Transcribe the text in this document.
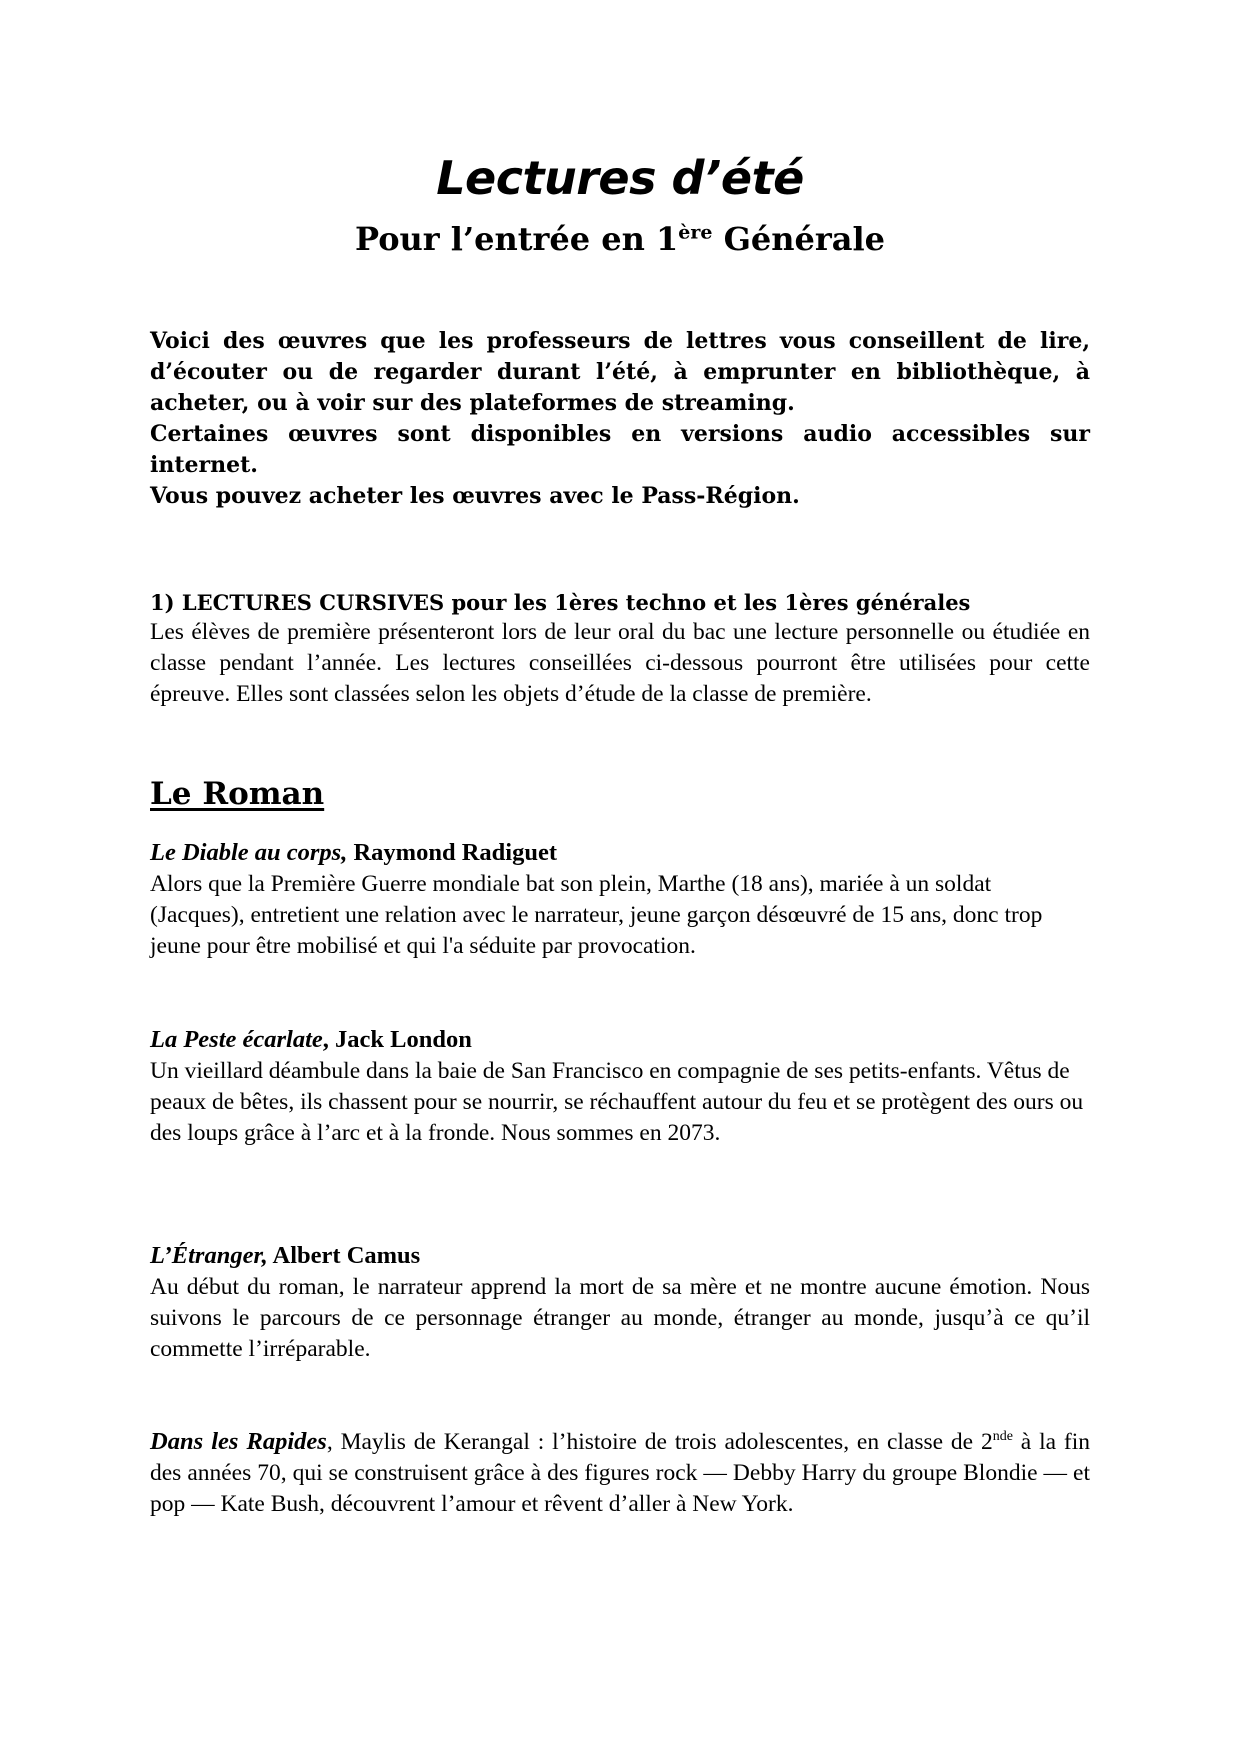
Lectures d’été
Pour l’entrée en 1ère Générale

Voici des œuvres que les professeurs de lettres vous conseillent de lire, d’écouter ou de regarder durant l’été, à emprunter en bibliothèque, à acheter, ou à voir sur des plateformes de streaming.

Certaines œuvres sont disponibles en versions audio accessibles sur internet.

Vous pouvez acheter les œuvres avec le Pass-Région.

1) LECTURES CURSIVES pour les 1ères techno et les 1ères générales

Les élèves de première présenteront lors de leur oral du bac une lecture personnelle ou étudiée en classe pendant l’année. Les lectures conseillées ci-dessous pourront être utilisées pour cette épreuve. Elles sont classées selon les objets d’étude de la classe de première.

Le Roman

Le Diable au corps, Raymond Radiguet

Alors que la Première Guerre mondiale bat son plein, Marthe (18 ans), mariée à un soldat (Jacques), entretient une relation avec le narrateur, jeune garçon désœuvré de 15 ans, donc trop jeune pour être mobilisé et qui l'a séduite par provocation.

La Peste écarlate, Jack London

Un vieillard déambule dans la baie de San Francisco en compagnie de ses petits-enfants. Vêtus de peaux de bêtes, ils chassent pour se nourrir, se réchauffent autour du feu et se protègent des ours ou des loups grâce à l’arc et à la fronde. Nous sommes en 2073.

L’Étranger, Albert Camus

Au début du roman, le narrateur apprend la mort de sa mère et ne montre aucune émotion. Nous suivons le parcours de ce personnage étranger au monde, étranger au monde, jusqu’à ce qu’il commette l’irréparable.

Dans les Rapides, Maylis de Kerangal : l’histoire de trois adolescentes, en classe de 2nde à la fin des années 70, qui se construisent grâce à des figures rock — Debby Harry du groupe Blondie — et pop — Kate Bush, découvrent l’amour et rêvent d’aller à New York.
